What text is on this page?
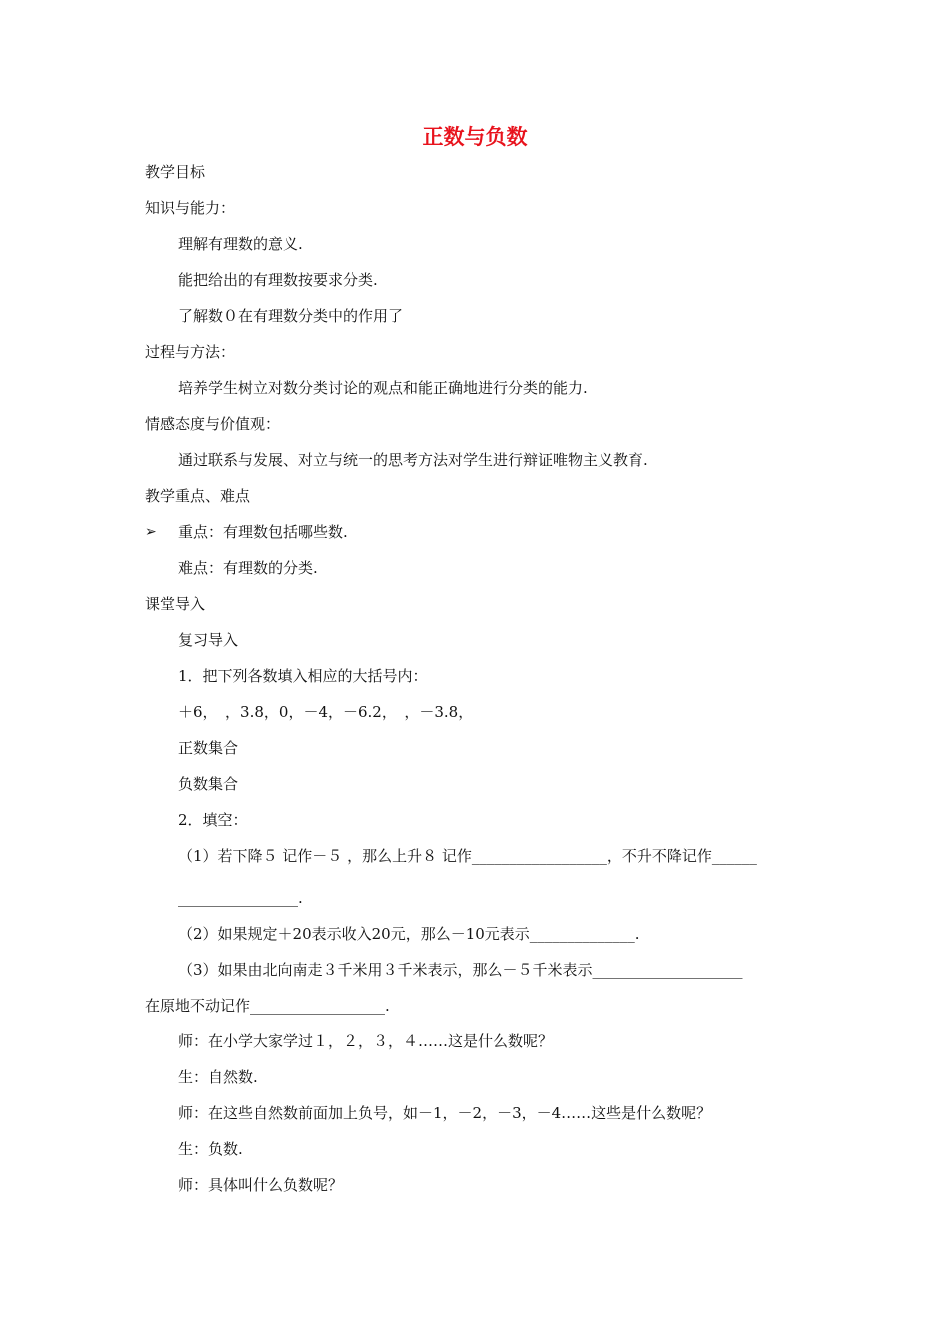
正数与负数
教学目标
知识与能力：
理解有理数的意义.
能把给出的有理数按要求分类.
了解数０在有理数分类中的作用了
过程与方法：
培养学生树立对数分类讨论的观点和能正确地进行分类的能力.
情感态度与价值观：
通过联系与发展、对立与统一的思考方法对学生进行辩证唯物主义教育.
教学重点、难点
➢ 重点：有理数包括哪些数.
难点：有理数的分类.
课堂导入
复习导入
1．把下列各数填入相应的大括号内：
＋6，　，3.8，0，－4，－6.2，　，－3.8，
正数集合
负数集合
2．填空：
（1）若下降５ 记作－５ ，那么上升８ 记作__________________，不升不降记作______
________________.
（2）如果规定＋20表示收入20元，那么－10元表示______________.
（3）如果由北向南走３千米用３千米表示，那么－５千米表示____________________
在原地不动记作__________________.
师：在小学大家学过１，２，３，４……这是什么数呢？
生：自然数.
师：在这些自然数前面加上负号，如－1，－2，－3，－4……这些是什么数呢？
生：负数.
师：具体叫什么负数呢？
